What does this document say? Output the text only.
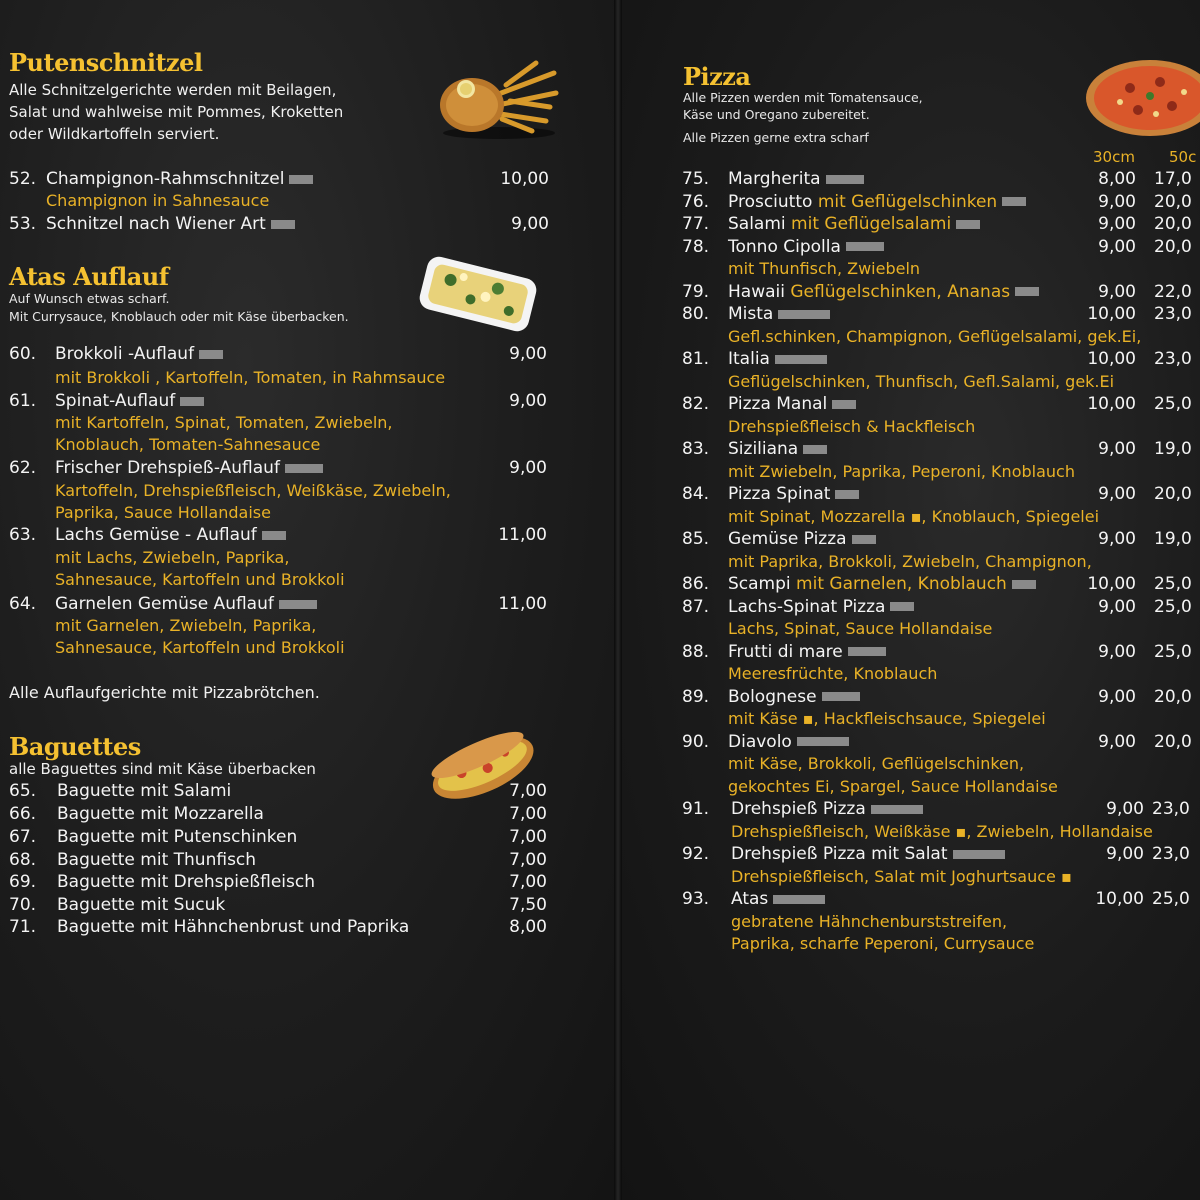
Putenschnitzel
Alle Schnitzelgerichte werden mit Beilagen,
Salat und wahlweise mit Pommes, Kroketten
oder Wildkartoffeln serviert.
52. Champignon-Rahmschnitzel	10,00
Champignon in Sahnesauce
53. Schnitzel nach Wiener Art	9,00
Atas Auflauf
Auf Wunsch etwas scharf.
Mit Currysauce, Knoblauch oder mit Käse überbacken.
60. Brokkoli -Auflauf	9,00
mit Brokkoli , Kartoffeln, Tomaten, in Rahmsauce
61. Spinat-Auflauf	9,00
mit Kartoffeln, Spinat, Tomaten, Zwiebeln,
Knoblauch, Tomaten-Sahnesauce
62. Frischer Drehspieß-Auflauf	9,00
Kartoffeln, Drehspießfleisch, Weißkäse, Zwiebeln,
Paprika, Sauce Hollandaise
63. Lachs Gemüse - Auflauf	11,00
mit Lachs, Zwiebeln, Paprika,
Sahnesauce, Kartoffeln und Brokkoli
64. Garnelen Gemüse Auflauf	11,00
mit Garnelen, Zwiebeln, Paprika,
Sahnesauce, Kartoffeln und Brokkoli
Alle Auflaufgerichte mit Pizzabrötchen.
Baguettes
alle Baguettes sind mit Käse überbacken
65. Baguette mit Salami	7,00
66. Baguette mit Mozzarella	7,00
67. Baguette mit Putenschinken	7,00
68. Baguette mit Thunfisch	7,00
69. Baguette mit Drehspießfleisch	7,00
70. Baguette mit Sucuk	7,50
71. Baguette mit Hähnchenbrust und Paprika	8,00
Pizza
Alle Pizzen werden mit Tomatensauce,
Käse und Oregano zubereitet.
Alle Pizzen gerne extra scharf
30cm 50c
75. Margherita	8,00 17,0
76. Prosciutto mit Geflügelschinken	9,00 20,0
77. Salami mit Geflügelsalami	9,00 20,0
78. Tonno Cipolla	9,00 20,0
mit Thunfisch, Zwiebeln
79. Hawaii Geflügelschinken, Ananas	9,00 22,0
80. Mista	10,00 23,0
Gefl.schinken, Champignon, Geflügelsalami, gek.Ei,
81. Italia	10,00 23,0
Geflügelschinken, Thunfisch, Gefl.Salami, gek.Ei
82. Pizza Manal	10,00 25,0
Drehspießfleisch & Hackfleisch
83. Siziliana	9,00 19,0
mit Zwiebeln, Paprika, Peperoni, Knoblauch
84. Pizza Spinat	9,00 20,0
mit Spinat, Mozzarella ▪, Knoblauch, Spiegelei
85. Gemüse Pizza	9,00 19,0
mit Paprika, Brokkoli, Zwiebeln, Champignon,
86. Scampi mit Garnelen, Knoblauch	10,00 25,0
87. Lachs-Spinat Pizza	9,00 25,0
Lachs, Spinat, Sauce Hollandaise
88. Frutti di mare	9,00 25,0
Meeresfrüchte, Knoblauch
89. Bolognese	9,00 20,0
mit Käse ▪, Hackfleischsauce, Spiegelei
90. Diavolo	9,00 20,0
mit Käse, Brokkoli, Geflügelschinken,
gekochtes Ei, Spargel, Sauce Hollandaise
91. Drehspieß Pizza	9,00 23,0
Drehspießfleisch, Weißkäse ▪, Zwiebeln, Hollandaise
92. Drehspieß Pizza mit Salat	9,00 23,0
Drehspießfleisch, Salat mit Joghurtsauce ▪
93. Atas	10,00 25,0
gebratene Hähnchenburststreifen,
Paprika, scharfe Peperoni, Currysauce
